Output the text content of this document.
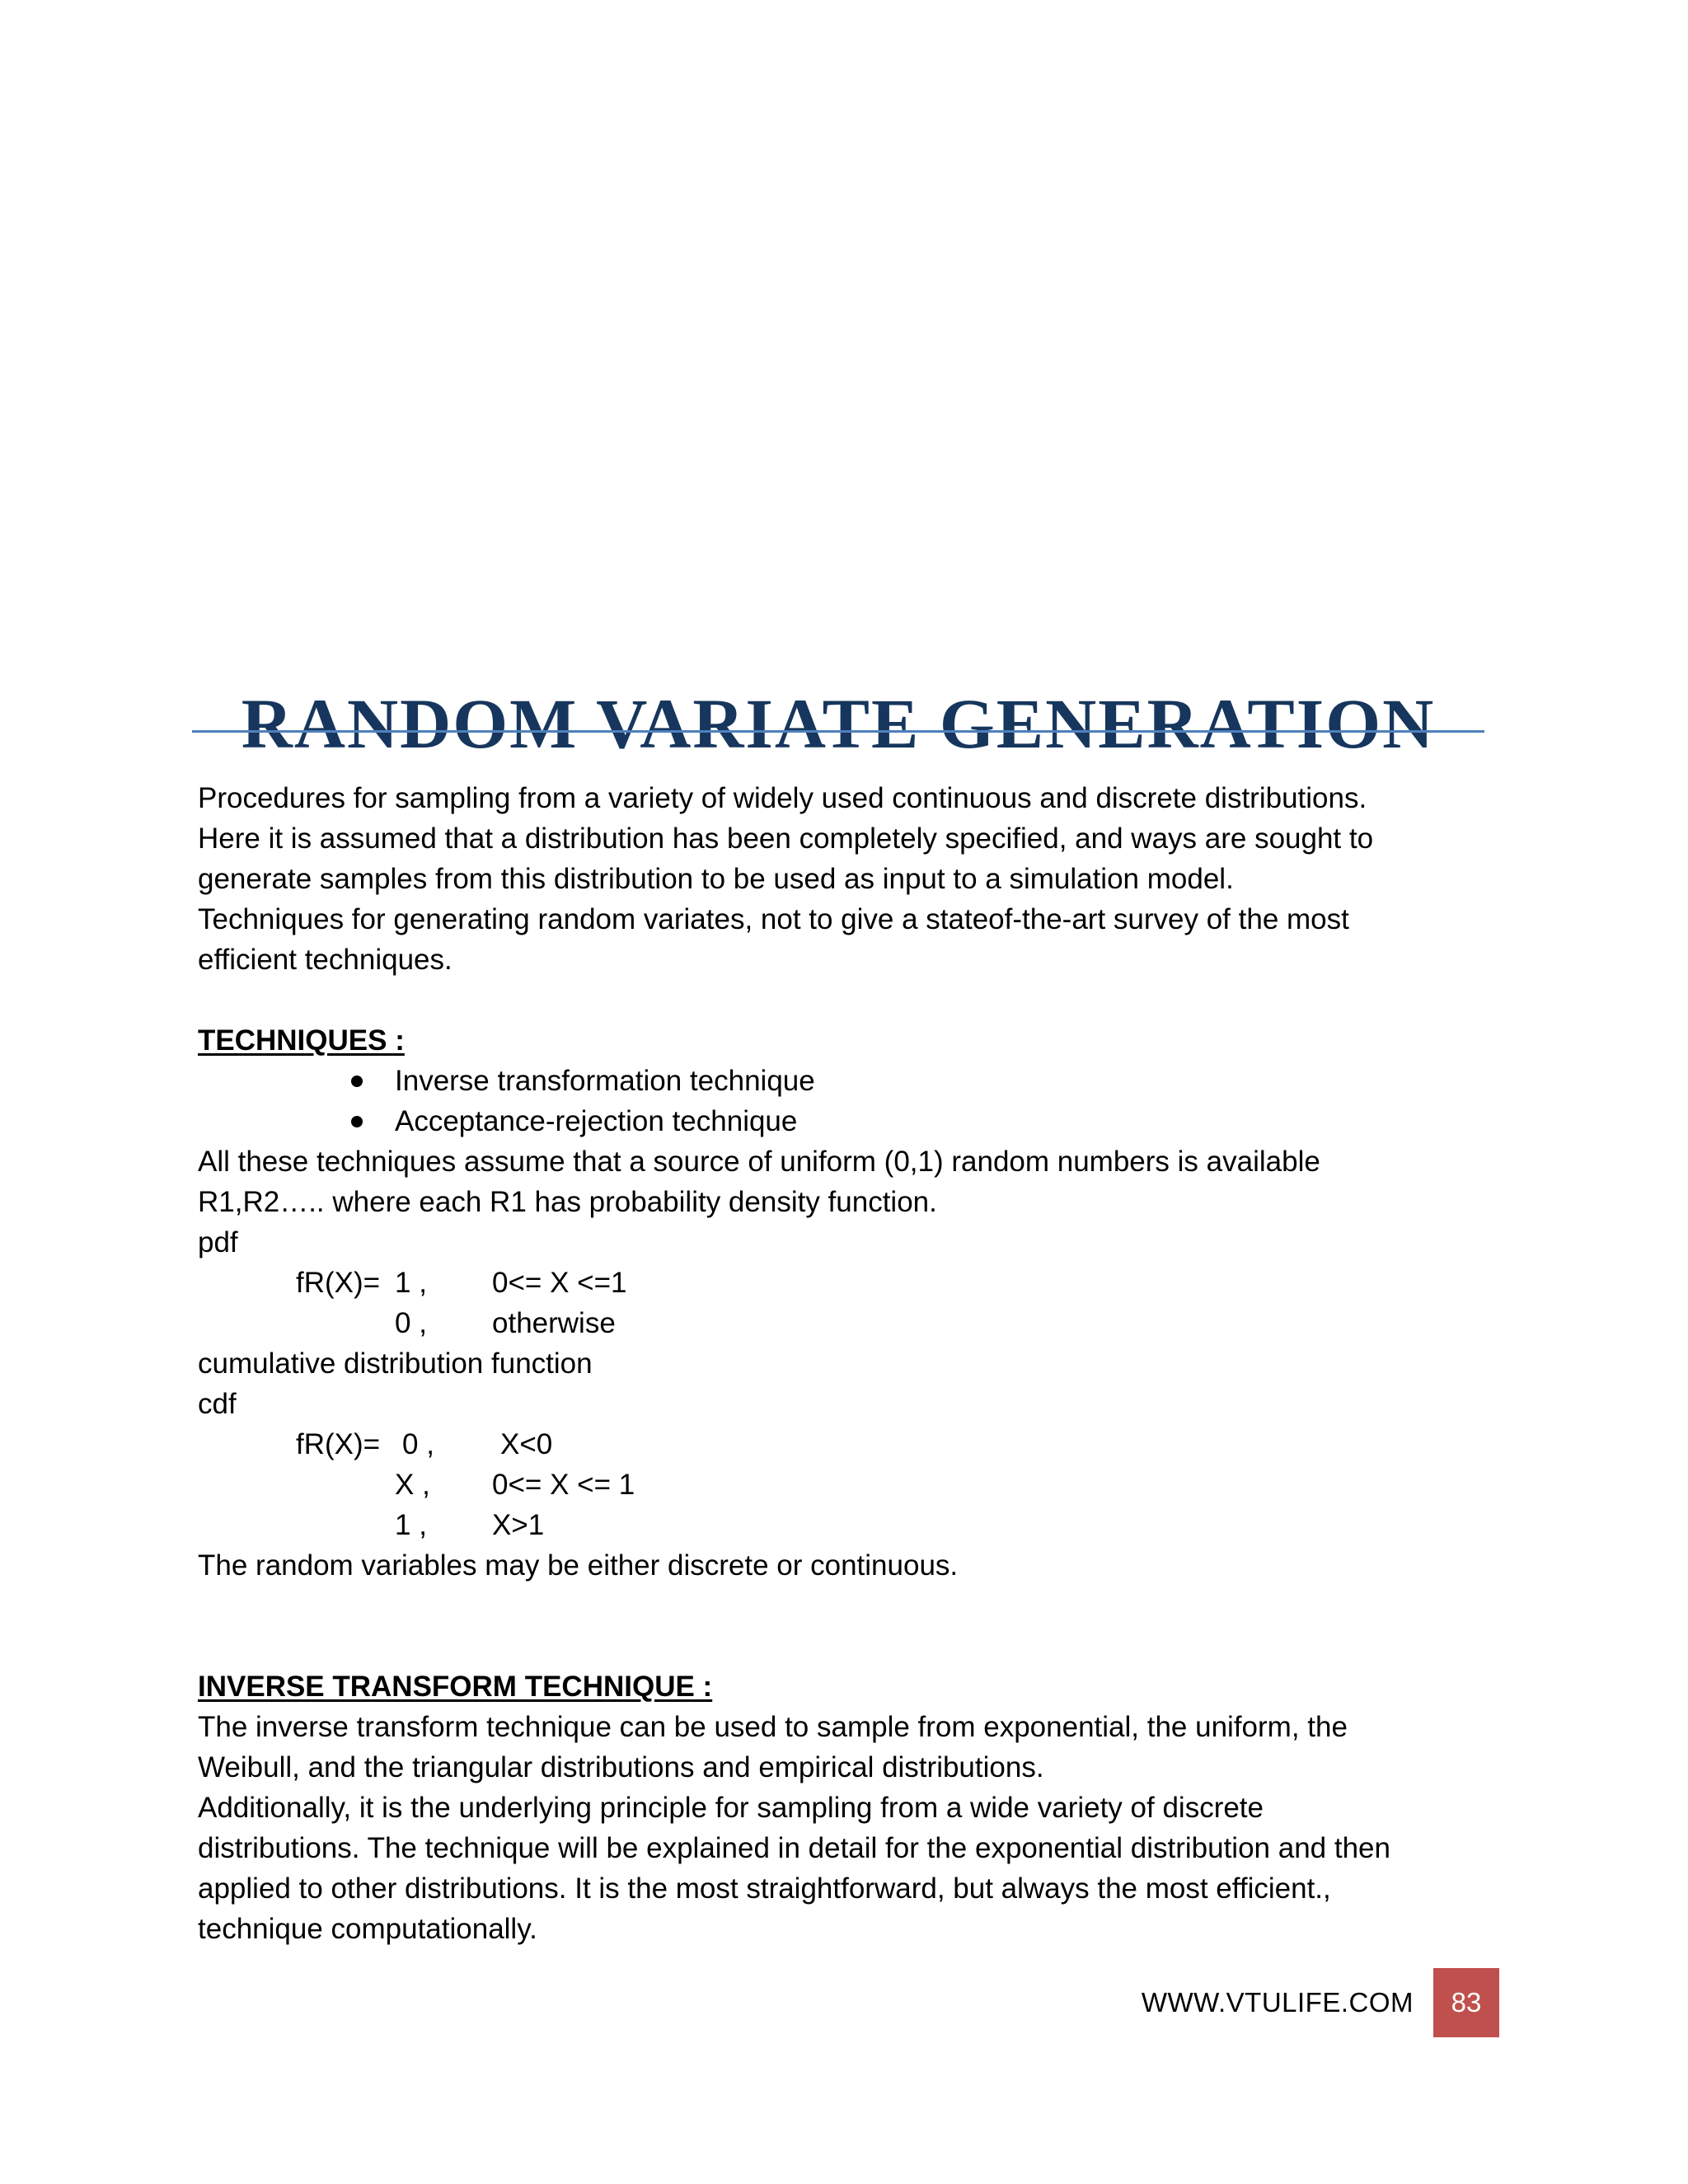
RANDOM VARIATE GENERATION
Procedures for sampling from a variety of widely used continuous and discrete distributions.
Here it is assumed that a distribution has been completely specified, and ways are sought to
generate samples from this distribution to be used as input to a simulation model.
Techniques for generating random variates, not to give a stateof-the-art survey of the most
efficient techniques.
TECHNIQUES :
Inverse transformation technique
Acceptance-rejection technique
All these techniques assume that a source of uniform (0,1) random numbers is available
R1,R2….. where each R1 has probability density function.
pdf
fR(X)= 1 , 0<= X <=1
0 , otherwise
cumulative distribution function
cdf
fR(X)= 0 , X<0
X , 0<= X <= 1
1 , X>1
The random variables may be either discrete or continuous.
INVERSE TRANSFORM TECHNIQUE :
The inverse transform technique can be used to sample from exponential, the uniform, the
Weibull, and the triangular distributions and empirical distributions.
Additionally, it is the underlying principle for sampling from a wide variety of discrete
distributions. The technique will be explained in detail for the exponential distribution and then
applied to other distributions. It is the most straightforward, but always the most efficient.,
technique computationally.
WWW.VTULIFE.COM	83
